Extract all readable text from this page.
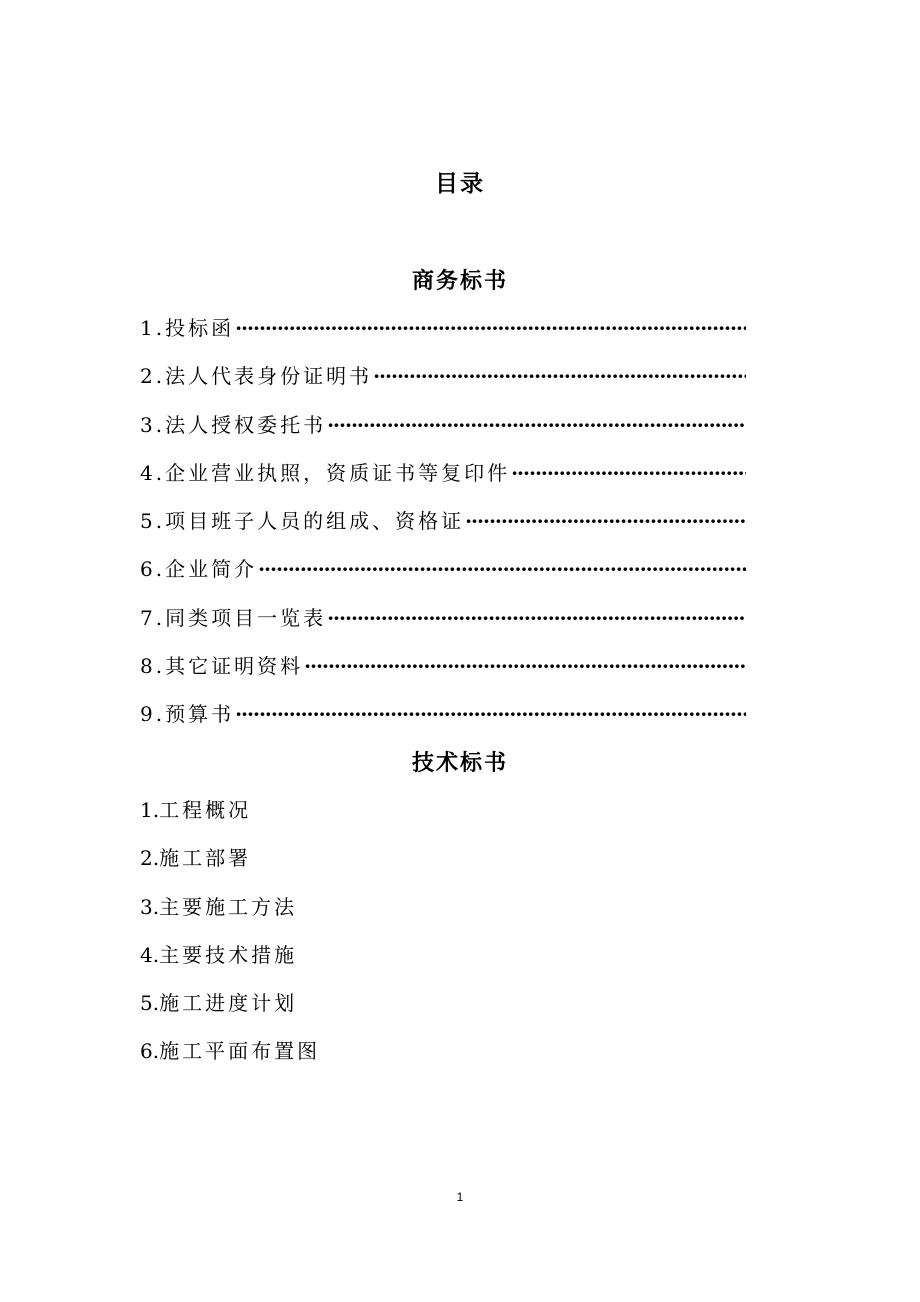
目录
商务标书
1. 投标函
·····
2. 法人代表身份证明书
·····
3. 法人授权委托书
·····
4. 企业营业执照，资质证书等复印件
·····
5. 项目班子人员的组成、资格证
·····
6. 企业简介
·····
7. 同类项目一览表
·····
8. 其它证明资料
·····
9. 预算书
·····
技术标书
1.工程概况
2.施工部署
3.主要施工方法
4.主要技术措施
5.施工进度计划
6.施工平面布置图
1
